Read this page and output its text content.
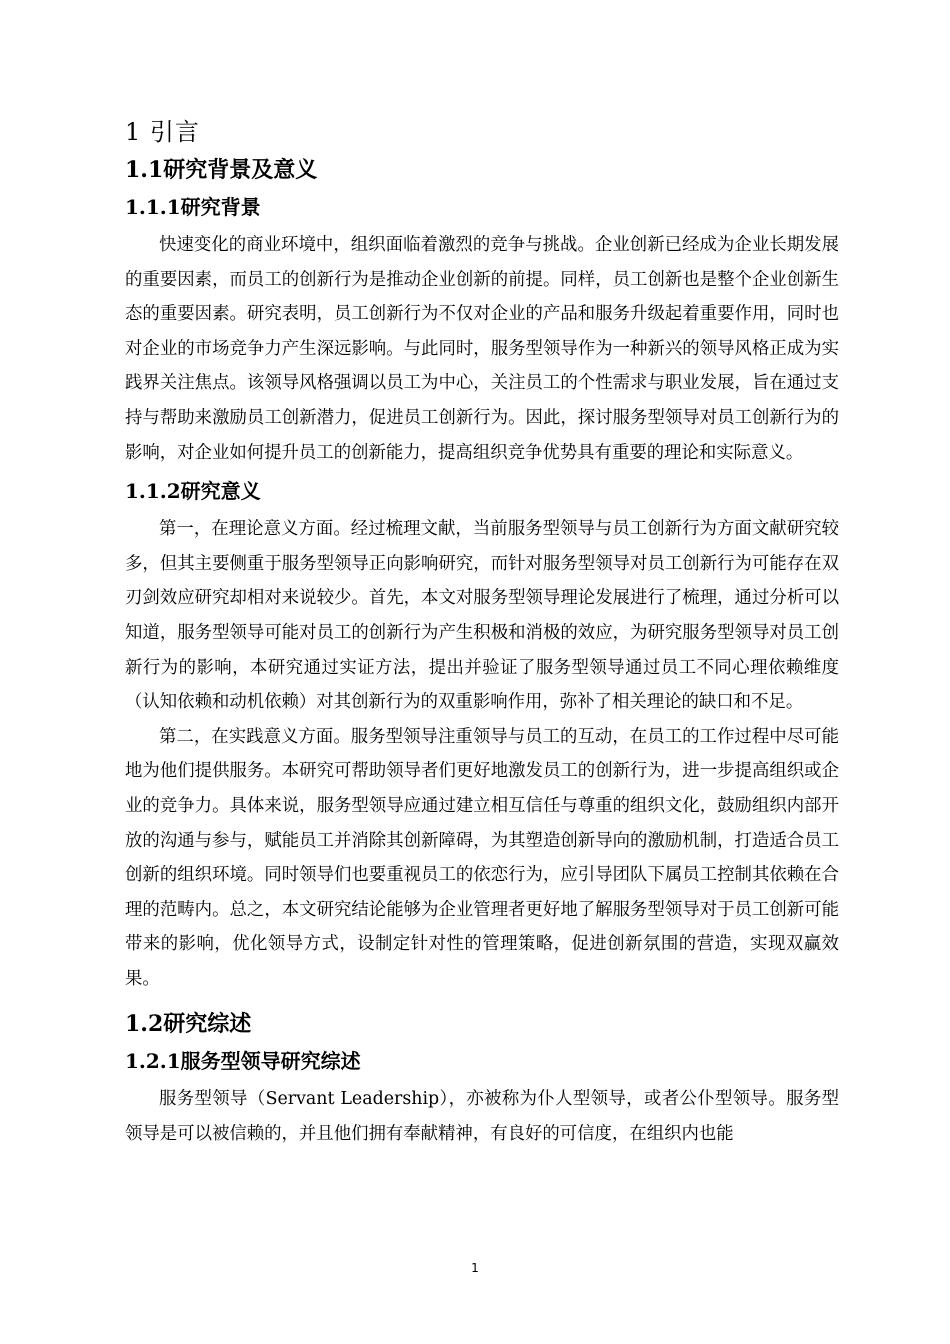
1 引言
1.1研究背景及意义
1.1.1研究背景

快速变化的商业环境中，组织面临着激烈的竞争与挑战。企业创新已经成为企业长期发展的重要因素，而员工的创新行为是推动企业创新的前提。同样，员工创新也是整个企业创新生态的重要因素。研究表明，员工创新行为不仅对企业的产品和服务升级起着重要作用，同时也对企业的市场竞争力产生深远影响。与此同时，服务型领导作为一种新兴的领导风格正成为实践界关注焦点。该领导风格强调以员工为中心，关注员工的个性需求与职业发展，旨在通过支持与帮助来激励员工创新潜力，促进员工创新行为。因此，探讨服务型领导对员工创新行为的影响，对企业如何提升员工的创新能力，提高组织竞争优势具有重要的理论和实际意义。

1.1.2研究意义

第一，在理论意义方面。经过梳理文献，当前服务型领导与员工创新行为方面文献研究较多，但其主要侧重于服务型领导正向影响研究，而针对服务型领导对员工创新行为可能存在双刃剑效应研究却相对来说较少。首先，本文对服务型领导理论发展进行了梳理，通过分析可以知道，服务型领导可能对员工的创新行为产生积极和消极的效应，为研究服务型领导对员工创新行为的影响，本研究通过实证方法，提出并验证了服务型领导通过员工不同心理依赖维度（认知依赖和动机依赖）对其创新行为的双重影响作用，弥补了相关理论的缺口和不足。

第二，在实践意义方面。服务型领导注重领导与员工的互动，在员工的工作过程中尽可能地为他们提供服务。本研究可帮助领导者们更好地激发员工的创新行为，进一步提高组织或企业的竞争力。具体来说，服务型领导应通过建立相互信任与尊重的组织文化，鼓励组织内部开放的沟通与参与，赋能员工并消除其创新障碍，为其塑造创新导向的激励机制，打造适合员工创新的组织环境。同时领导们也要重视员工的依恋行为，应引导团队下属员工控制其依赖在合理的范畴内。总之，本文研究结论能够为企业管理者更好地了解服务型领导对于员工创新可能带来的影响，优化领导方式，设制定针对性的管理策略，促进创新氛围的营造，实现双赢效果。

1.2研究综述
1.2.1服务型领导研究综述

服务型领导（Servant Leadership），亦被称为仆人型领导，或者公仆型领导。服务型领导是可以被信赖的，并且他们拥有奉献精神，有良好的可信度，在组织内也能

1
